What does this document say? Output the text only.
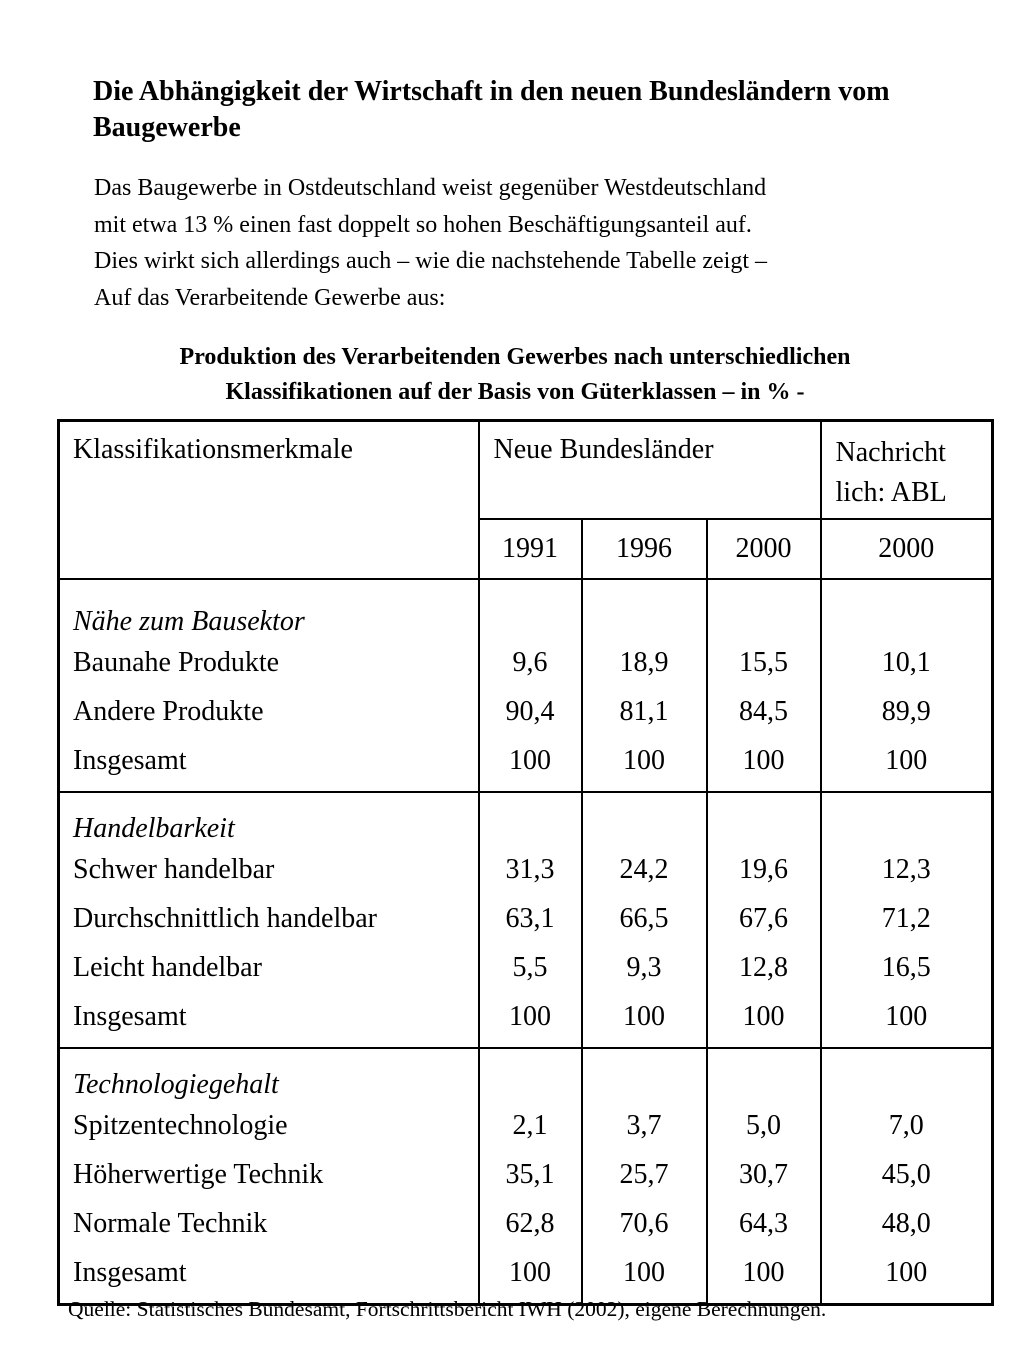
Die Abhängigkeit der Wirtschaft in den neuen Bundesländern vom Baugewerbe

Das Baugewerbe in Ostdeutschland weist gegenüber Westdeutschland
mit etwa 13 % einen fast doppelt so hohen Beschäftigungsanteil auf.
Dies wirkt sich allerdings auch – wie die nachstehende Tabelle zeigt –
Auf das Verarbeitende Gewerbe aus:

Produktion des Verarbeitenden Gewerbes nach unterschiedlichen
Klassifikationen auf der Basis von Güterklassen – in % -

Klassifikationsmerkmale	Neue Bundesländer			Nachricht
lich: ABL
	1991	1996	2000	2000
Nähe zum Bausektor				
Baunahe Produkte	9,6	18,9	15,5	10,1
Andere Produkte	90,4	81,1	84,5	89,9
Insgesamt	100	100	100	100
Handelbarkeit				
Schwer handelbar	31,3	24,2	19,6	12,3
Durchschnittlich handelbar	63,1	66,5	67,6	71,2
Leicht handelbar	5,5	9,3	12,8	16,5
Insgesamt	100	100	100	100
Technologiegehalt				
Spitzentechnologie	2,1	3,7	5,0	7,0
Höherwertige Technik	35,1	25,7	30,7	45,0
Normale Technik	62,8	70,6	64,3	48,0
Insgesamt	100	100	100	100

Quelle: Statistisches Bundesamt, Fortschrittsbericht IWH (2002), eigene Berechnungen.
